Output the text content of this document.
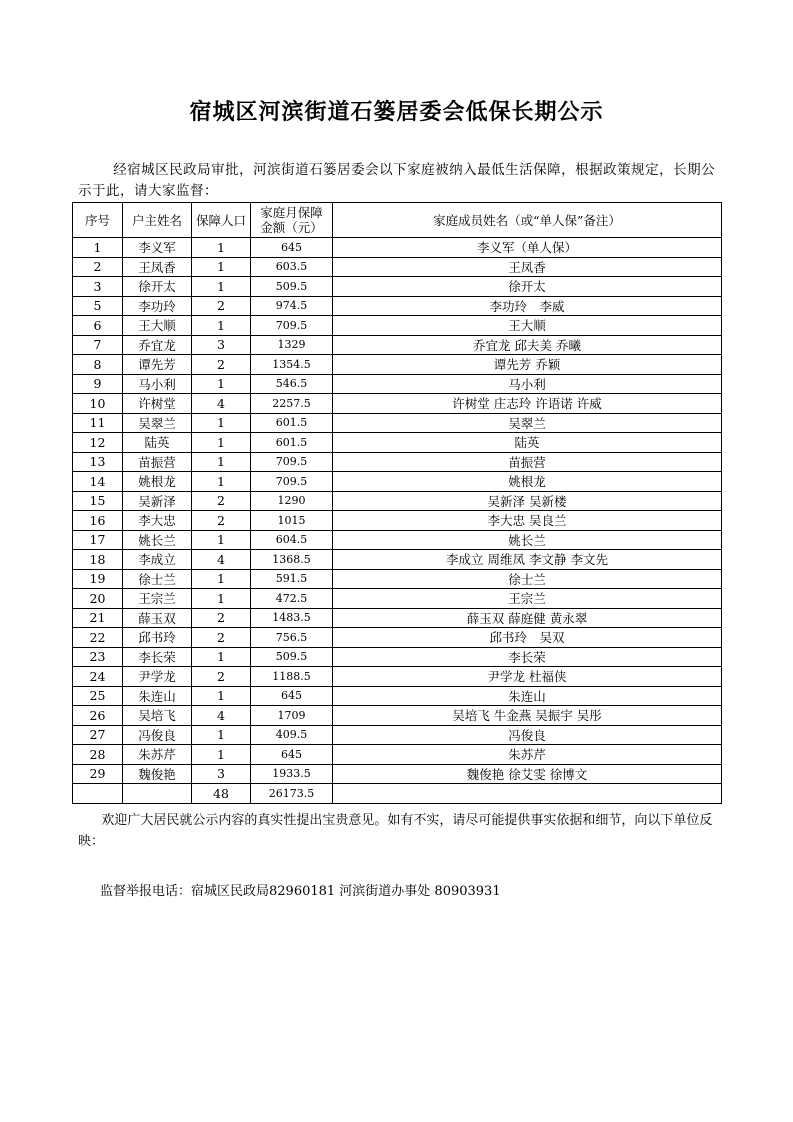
宿城区河滨街道石篓居委会低保长期公示
经宿城区民政局审批，河滨街道石篓居委会以下家庭被纳入最低生活保障，根据政策规定，长期公示于此，请大家监督：
序号	户主姓名	保障人口	家庭月保障金额（元）	家庭成员姓名（或“单人保”备注）
1	李义军	1	645	李义军（单人保）
2	王凤香	1	603.5	王凤香
3	徐开太	1	509.5	徐开太
5	李功玲	2	974.5	李功玲　李威
6	王大顺	1	709.5	王大顺
7	乔宜龙	3	1329	乔宜龙 邱夫美 乔曦
8	谭先芳	2	1354.5	谭先芳 乔颖
9	马小利	1	546.5	马小利
10	许树堂	4	2257.5	许树堂 庄志玲 许语诺 许威
11	吴翠兰	1	601.5	吴翠兰
12	陆英	1	601.5	陆英
13	苗振营	1	709.5	苗振营
14	姚根龙	1	709.5	姚根龙
15	吴新泽	2	1290	吴新泽 吴新楼
16	李大忠	2	1015	李大忠 吴良兰
17	姚长兰	1	604.5	姚长兰
18	李成立	4	1368.5	李成立 周维凤 李文静 李文先
19	徐士兰	1	591.5	徐士兰
20	王宗兰	1	472.5	王宗兰
21	薛玉双	2	1483.5	薛玉双 薛庭健 黄永翠
22	邱书玲	2	756.5	邱书玲　吴双
23	李长荣	1	509.5	李长荣
24	尹学龙	2	1188.5	尹学龙 杜福侠
25	朱连山	1	645	朱连山
26	吴培飞	4	1709	吴培飞 牛金燕 吴振宇 吴彤
27	冯俊良	1	409.5	冯俊良
28	朱苏芹	1	645	朱苏芹
29	魏俊艳	3	1933.5	魏俊艳 徐艾雯 徐博文
		48	26173.5	
欢迎广大居民就公示内容的真实性提出宝贵意见。如有不实，请尽可能提供事实依据和细节，向以下单位反映：
监督举报电话：宿城区民政局82960181 河滨街道办事处 80903931
